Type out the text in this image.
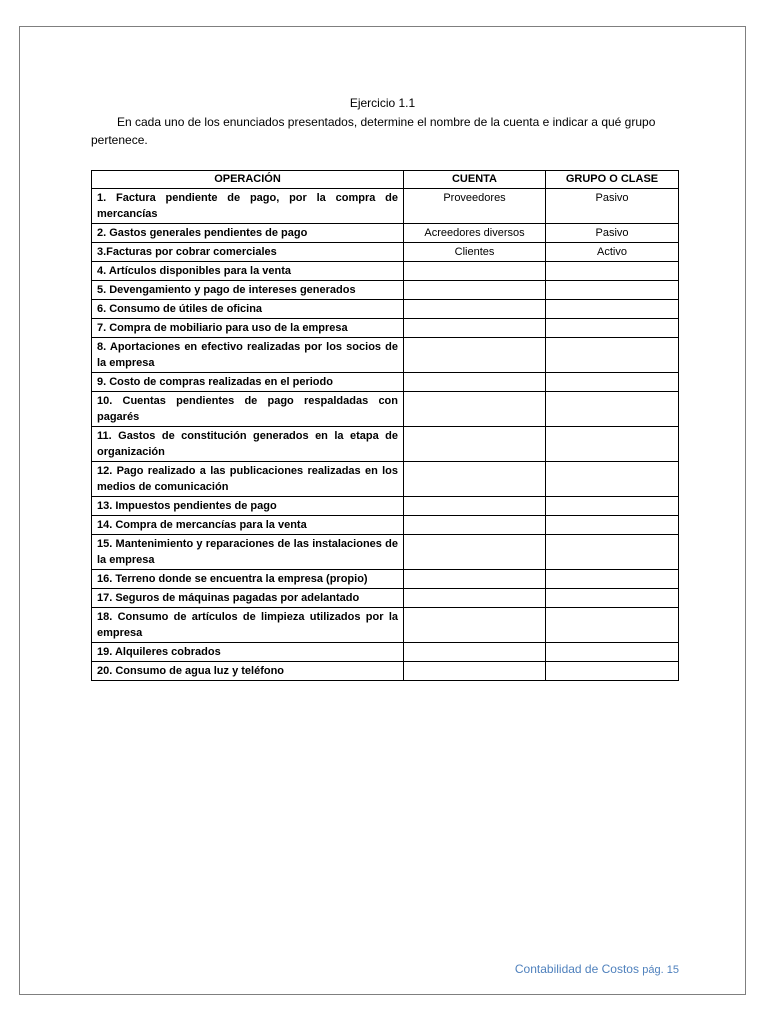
Ejercicio 1.1
En cada uno de los enunciados presentados, determine el nombre de la cuenta e indicar a qué grupo pertenece.
OPERACIÓN	CUENTA	GRUPO O CLASE
1. Factura pendiente de pago, por la compra de mercancías	Proveedores	Pasivo
2. Gastos generales pendientes de pago	Acreedores diversos	Pasivo
3.Facturas por cobrar comerciales	Clientes	Activo
4. Artículos disponibles para la venta		
5. Devengamiento y pago de intereses generados		
6. Consumo de útiles de oficina		
7. Compra de mobiliario para uso de la empresa		
8. Aportaciones en efectivo realizadas por los socios de la empresa		
9. Costo de compras realizadas en el periodo		
10. Cuentas pendientes de pago respaldadas con pagarés		
11. Gastos de constitución generados en la etapa de organización		
12. Pago realizado a las publicaciones realizadas en los medios de comunicación		
13. Impuestos pendientes de pago		
14. Compra de mercancías para la venta		
15. Mantenimiento y reparaciones de las instalaciones de la empresa		
16. Terreno donde se encuentra la empresa (propio)		
17. Seguros de máquinas pagadas por adelantado		
18. Consumo de artículos de limpieza utilizados por la empresa		
19. Alquileres cobrados		
20. Consumo de agua luz y teléfono		
Contabilidad de Costos pág. 15
